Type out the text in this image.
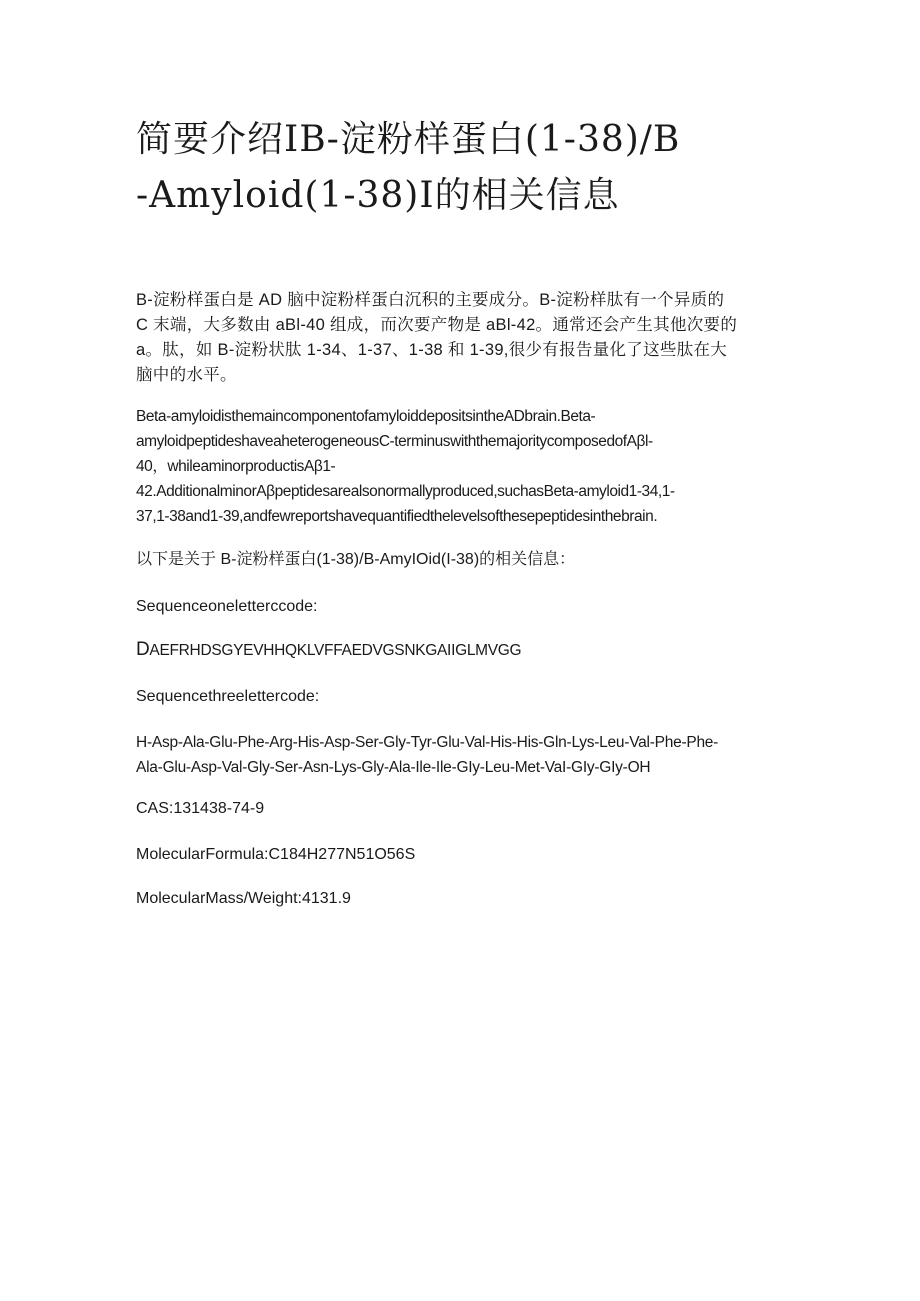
简要介绍ⅠΒ-淀粉样蛋白(1-38)/Β
-Amyloid(1-38)Ⅰ的相关信息

Β-淀粉样蛋白是 AD 脑中淀粉样蛋白沉积的主要成分。Β-淀粉样肽有一个异质的
C 末端，大多数由 aBl-40 组成，而次要产物是 aBl-42。通常还会产生其他次要的
a。肽，如 Β-淀粉状肽 1-34、1-37、1-38 和 1-39,很少有报告量化了这些肽在大
脑中的水平。

Beta-amyloidisthemaincomponentofamyloiddepositsintheADbrain.Beta-
amyloidpeptideshaveaheterogeneousC-terminuswiththemajoritycomposedofAβl-
40，whileaminorproductisAβ1-
42.AdditionalminorAβpeptidesarealsonormallyproduced,suchasBeta-amyloid1-34,1-
37,1-38and1-39,andfewreportshavequantifiedthelevelsofthesepeptidesinthebrain.

以下是关于 Β-淀粉样蛋白(1-38)/Β-AmyIOid(I-38)的相关信息：

Sequenceoneletterccode:

DAEFRHDSGYEVHHQKLVFFAEDVGSNKGAIIGLMVGG

Sequencethreelettercode:

H-Asp-Ala-Glu-Phe-Arg-His-Asp-Ser-Gly-Tyr-Glu-Val-His-His-Gln-Lys-Leu-Val-Phe-Phe-
Ala-Glu-Asp-Val-Gly-Ser-Asn-Lys-Gly-Ala-Ile-Ile-GIy-Leu-Met-VaI-GIy-GIy-OH

CAS:131438-74-9

MolecularFormula:C184H277N51O56S

MolecularMass/Weight:4131.9
